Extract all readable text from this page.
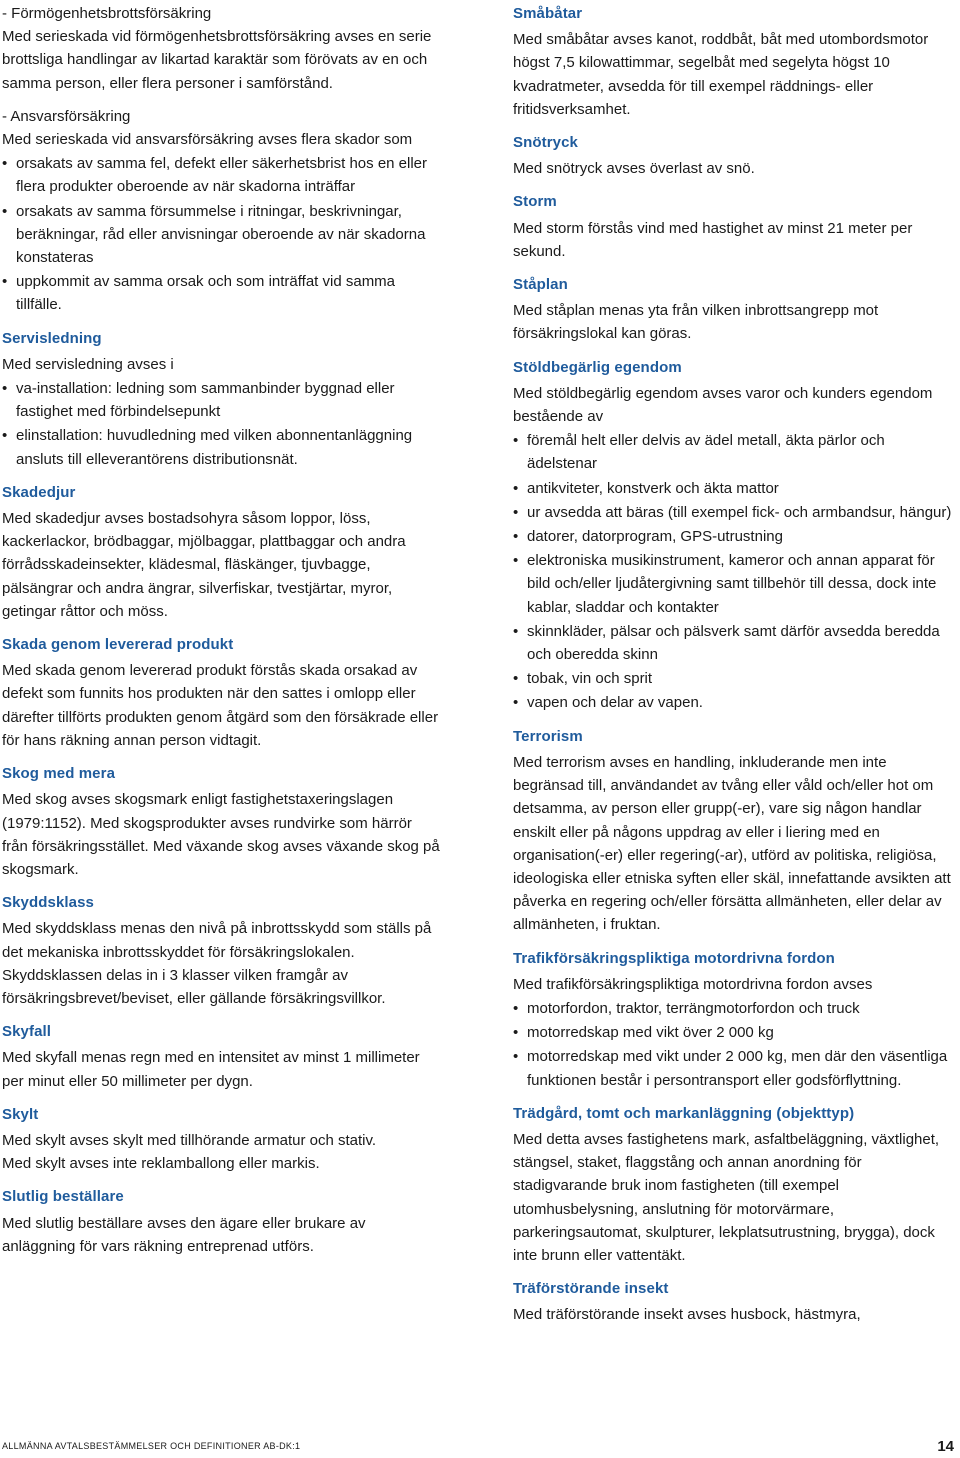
- Förmögenhetsbrottsförsäkring

Med serieskada vid förmögenhetsbrottsförsäkring avses en serie brottsliga handlingar av likartad karaktär som förövats av en och samma person, eller flera personer i samförstånd.

- Ansvarsförsäkring

Med serieskada vid ansvarsförsäkring avses flera skador som

• orsakats av samma fel, defekt eller säkerhetsbrist hos en eller flera produkter oberoende av när skadorna inträffar
• orsakats av samma försummelse i ritningar, beskrivningar, beräkningar, råd eller anvisningar oberoende av när skadorna konstateras
• uppkommit av samma orsak och som inträffat vid samma tillfälle.

Servisledning

Med servisledning avses i

• va-installation: ledning som sammanbinder byggnad eller fastighet med förbindelsepunkt
• elinstallation: huvudledning med vilken abonnentanläggning ansluts till elleverantörens distributionsnät.

Skadedjur

Med skadedjur avses bostadsohyra såsom loppor, löss, kackerlackor, brödbaggar, mjölbaggar, plattbaggar och andra förrådsskadeinsekter, klädesmal, fläskänger, tjuvbagge, pälsängrar och andra ängrar, silverfiskar, tvestjärtar, myror, getingar råttor och möss.

Skada genom levererad produkt

Med skada genom levererad produkt förstås skada orsakad av defekt som funnits hos produkten när den sattes i omlopp eller därefter tillförts produkten genom åtgärd som den försäkrade eller för hans räkning annan person vidtagit.

Skog med mera

Med skog avses skogsmark enligt fastighetstaxeringslagen (1979:1152). Med skogsprodukter avses rundvirke som härrör från försäkringsstället. Med växande skog avses växande skog på skogsmark.

Skyddsklass

Med skyddsklass menas den nivå på inbrottsskydd som ställs på det mekaniska inbrottsskyddet för försäkringslokalen. Skyddsklassen delas in i 3 klasser vilken framgår av försäkringsbrevet/beviset, eller gällande försäkringsvillkor.

Skyfall

Med skyfall menas regn med en intensitet av minst 1 millimeter per minut eller 50 millimeter per dygn.

Skylt

Med skylt avses skylt med tillhörande armatur och stativ.

Med skylt avses inte reklamballong eller markis.

Slutlig beställare

Med slutlig beställare avses den ägare eller brukare av anläggning för vars räkning entreprenad utförs.

Småbåtar

Med småbåtar avses kanot, roddbåt, båt med utombordsmotor högst 7,5 kilowattimmar, segelbåt med segelyta högst 10 kvadratmeter, avsedda för till exempel räddnings- eller fritidsverksamhet.

Snötryck

Med snötryck avses överlast av snö.

Storm

Med storm förstås vind med hastighet av minst 21 meter per sekund.

Ståplan

Med ståplan menas yta från vilken inbrottsangrepp mot försäkringslokal kan göras.

Stöldbegärlig egendom

Med stöldbegärlig egendom avses varor och kunders egendom bestående av

• föremål helt eller delvis av ädel metall, äkta pärlor och ädelstenar
• antikviteter, konstverk och äkta mattor
• ur avsedda att bäras (till exempel fick- och armbandsur, hängur)
• datorer, datorprogram, GPS-utrustning
• elektroniska musikinstrument, kameror och annan apparat för bild och/eller ljudåtergivning samt tillbehör till dessa, dock inte kablar, sladdar och kontakter
• skinnkläder, pälsar och pälsverk samt därför avsedda beredda och oberedda skinn
• tobak, vin och sprit
• vapen och delar av vapen.

Terrorism

Med terrorism avses en handling, inkluderande men inte begränsad till, användandet av tvång eller våld och/eller hot om detsamma, av person eller grupp(-er), vare sig någon handlar enskilt eller på någons uppdrag av eller i liering med en organisation(-er) eller regering(-ar), utförd av politiska, religiösa, ideologiska eller etniska syften eller skäl, innefattande avsikten att påverka en regering och/eller försätta allmänheten, eller delar av allmänheten, i fruktan.

Trafikförsäkringspliktiga motordrivna fordon

Med trafikförsäkringspliktiga motordrivna fordon avses

• motorfordon, traktor, terrängmotorfordon och truck
• motorredskap med vikt över 2 000 kg
• motorredskap med vikt under 2 000 kg, men där den väsentliga funktionen består i persontransport eller godsförflyttning.

Trädgård, tomt och markanläggning (objekttyp)

Med detta avses fastighetens mark, asfaltbeläggning, växtlighet, stängsel, staket, flaggstång och annan anordning för stadigvarande bruk inom fastigheten (till exempel utomhusbelysning, anslutning för motorvärmare, parkeringsautomat, skulpturer, lekplatsutrustning, brygga), dock inte brunn eller vattentäkt.

Träförstörande insekt

Med träförstörande insekt avses husbock, hästmyra,

ALLMÄNNA AVTALSBESTÄMMELSER OCH DEFINITIONER AB-DK:1	14
